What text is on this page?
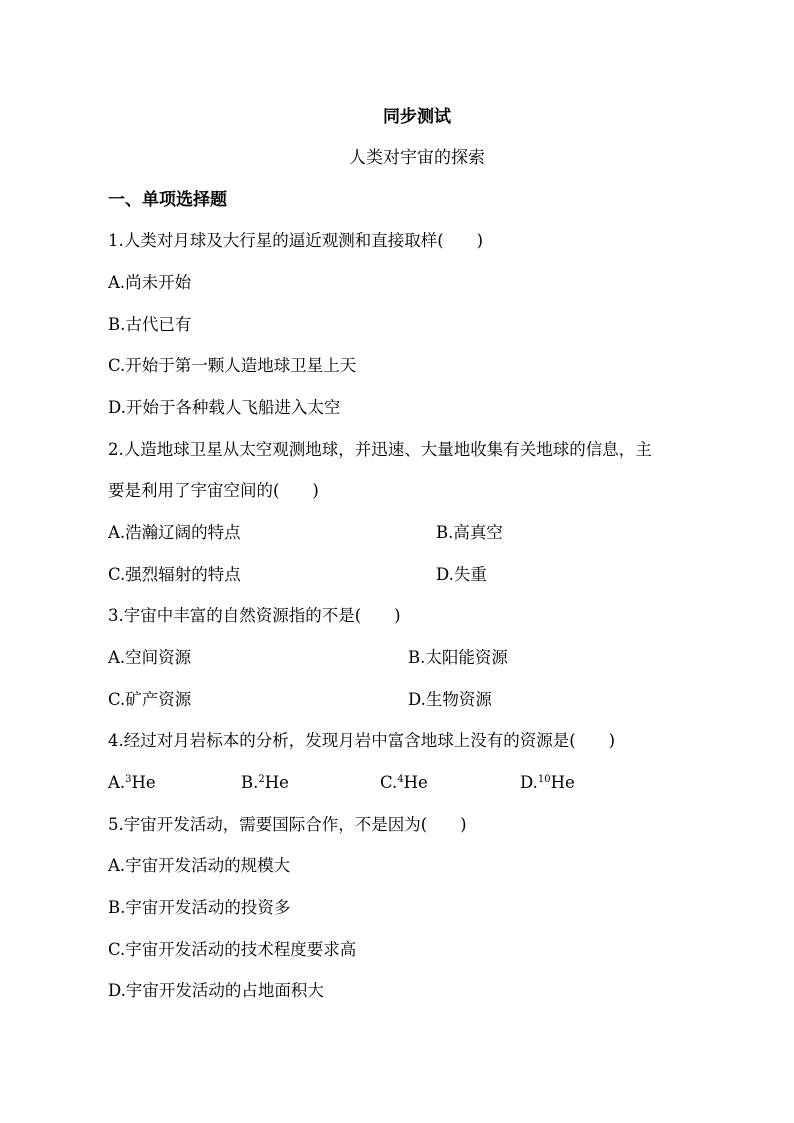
同步测试
人类对宇宙的探索
一、单项选择题
1.人类对月球及大行星的逼近观测和直接取样(　　)
A.尚未开始
B.古代已有
C.开始于第一颗人造地球卫星上天
D.开始于各种载人飞船进入太空
2.人造地球卫星从太空观测地球，并迅速、大量地收集有关地球的信息，主
要是利用了宇宙空间的(　　)
A.浩瀚辽阔的特点	B.高真空
C.强烈辐射的特点	D.失重
3.宇宙中丰富的自然资源指的不是(　　)
A.空间资源	B.太阳能资源
C.矿产资源	D.生物资源
4.经过对月岩标本的分析，发现月岩中富含地球上没有的资源是(　　)
A.$^3$He	B.$^2$He	C.$^4$He	D.$^{10}$He
5.宇宙开发活动，需要国际合作，不是因为(　　)
A.宇宙开发活动的规模大
B.宇宙开发活动的投资多
C.宇宙开发活动的技术程度要求高
D.宇宙开发活动的占地面积大
